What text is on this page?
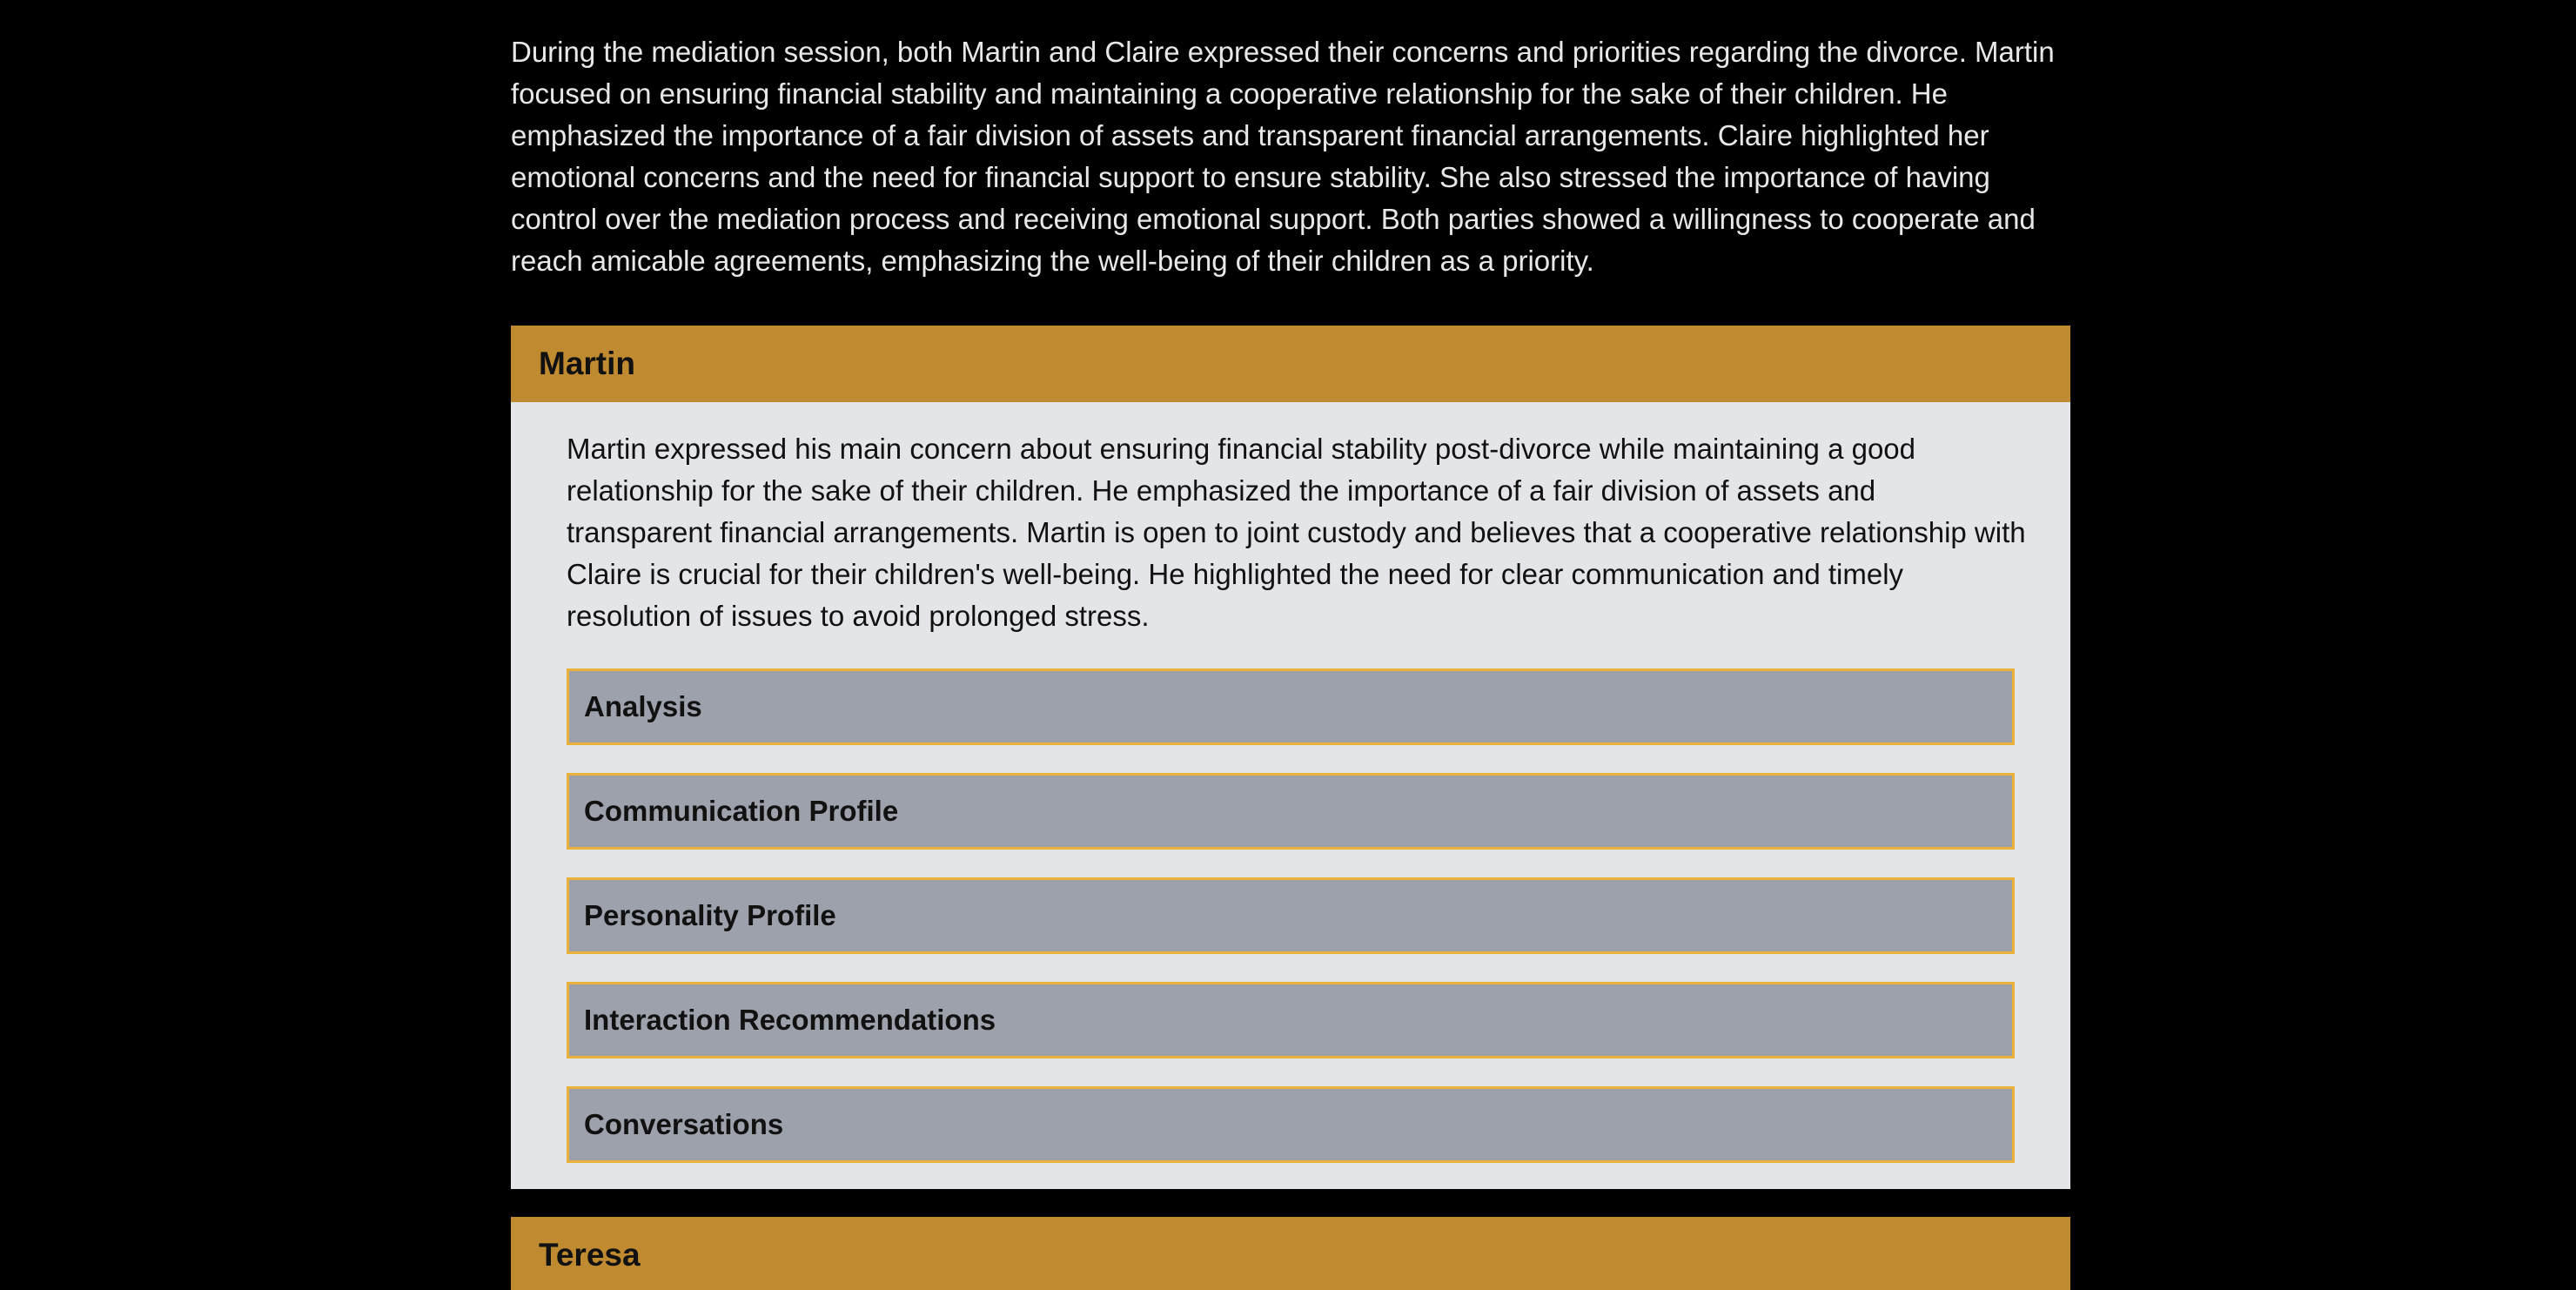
During the mediation session, both Martin and Claire expressed their concerns and priorities regarding the divorce. Martin focused on ensuring financial stability and maintaining a cooperative relationship for the sake of their children. He emphasized the importance of a fair division of assets and transparent financial arrangements. Claire highlighted her emotional concerns and the need for financial support to ensure stability. She also stressed the importance of having control over the mediation process and receiving emotional support. Both parties showed a willingness to cooperate and reach amicable agreements, emphasizing the well-being of their children as a priority.

Martin

Martin expressed his main concern about ensuring financial stability post-divorce while maintaining a good relationship for the sake of their children. He emphasized the importance of a fair division of assets and transparent financial arrangements. Martin is open to joint custody and believes that a cooperative relationship with Claire is crucial for their children's well-being. He highlighted the need for clear communication and timely resolution of issues to avoid prolonged stress.

Analysis
Communication Profile
Personality Profile
Interaction Recommendations
Conversations
Teresa
